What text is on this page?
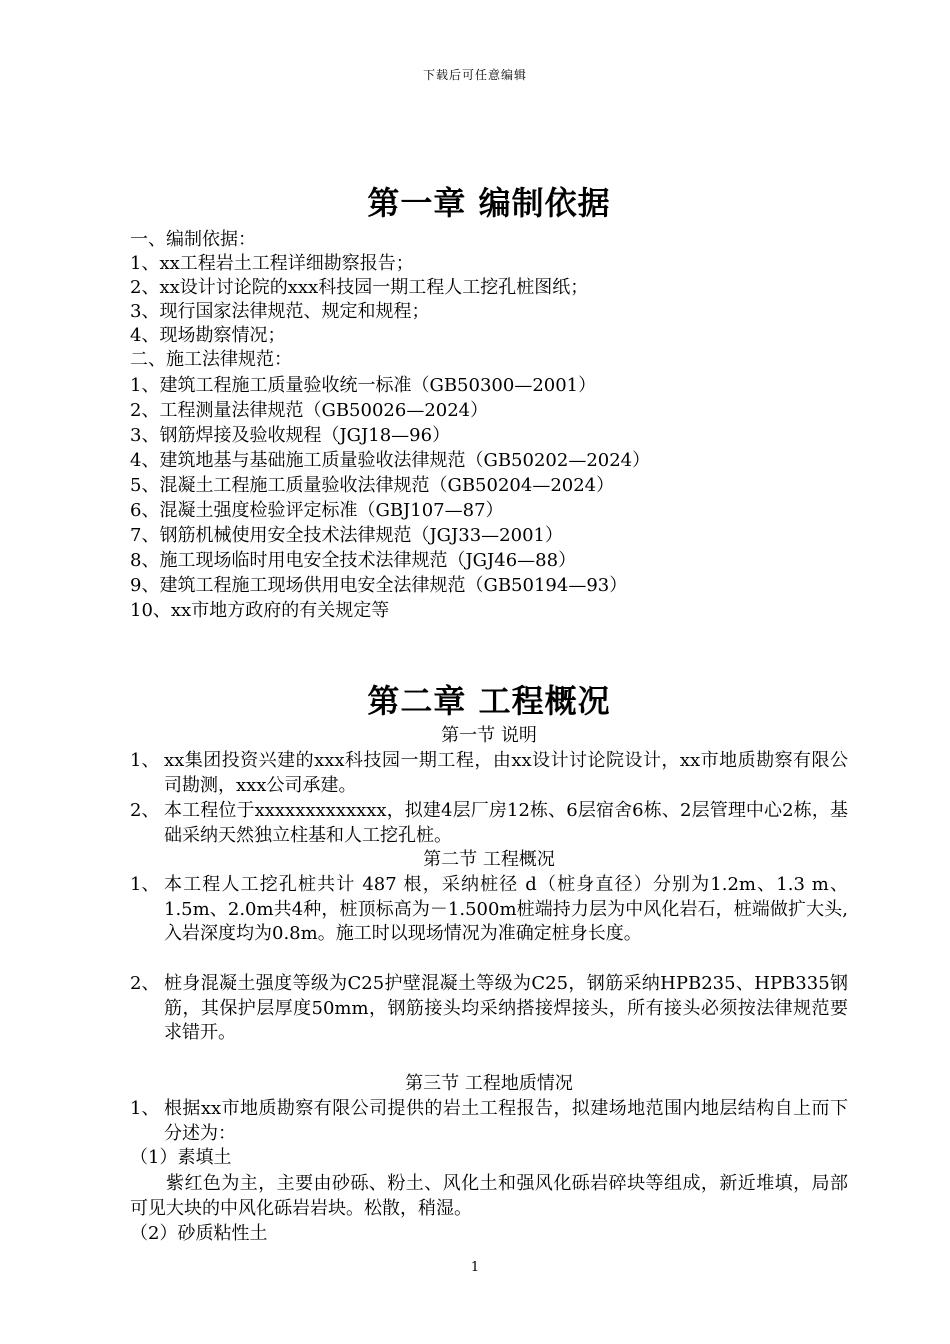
下载后可任意编辑
第一章 编制依据
一、编制依据：
1、xx工程岩土工程详细勘察报告；
2、xx设计讨论院的xxx科技园一期工程人工挖孔桩图纸；
3、现行国家法律规范、规定和规程；
4、现场勘察情况；
二、施工法律规范：
1、建筑工程施工质量验收统一标准（GB50300—2001）
2、工程测量法律规范（GB50026—2024）
3、钢筋焊接及验收规程（JGJ18—96）
4、建筑地基与基础施工质量验收法律规范（GB50202—2024）
5、混凝土工程施工质量验收法律规范（GB50204—2024）
6、混凝土强度检验评定标准（GBJ107—87）
7、钢筋机械使用安全技术法律规范（JGJ33—2001）
8、施工现场临时用电安全技术法律规范（JGJ46—88）
9、建筑工程施工现场供用电安全法律规范（GB50194—93）
10、xx市地方政府的有关规定等
第二章 工程概况
第一节 说明
1、 xx集团投资兴建的xxx科技园一期工程，由xx设计讨论院设计，xx市地质勘察有限公司勘测，xxx公司承建。
2、 本工程位于xxxxxxxxxxxxx，拟建4层厂房12栋、6层宿舍6栋、2层管理中心2栋，基础采纳天然独立柱基和人工挖孔桩。
第二节 工程概况
1、 本工程人工挖孔桩共计 487 根，采纳桩径 d（桩身直径）分别为1.2m、1.3 m、1.5m、2.0m共4种，桩顶标高为－1.500m桩端持力层为中风化岩石，桩端做扩大头,入岩深度均为0.8m。施工时以现场情况为准确定桩身长度。
2、 桩身混凝土强度等级为C25护壁混凝土等级为C25，钢筋采纳HPB235、HPB335钢筋，其保护层厚度50mm，钢筋接头均采纳搭接焊接头，所有接头必须按法律规范要求错开。
第三节 工程地质情况
1、 根据xx市地质勘察有限公司提供的岩土工程报告，拟建场地范围内地层结构自上而下分述为：
（1）素填土
紫红色为主，主要由砂砾、粉土、风化土和强风化砾岩碎块等组成，新近堆填，局部可见大块的中风化砾岩岩块。松散，稍湿。
（2）砂质粘性土
1
